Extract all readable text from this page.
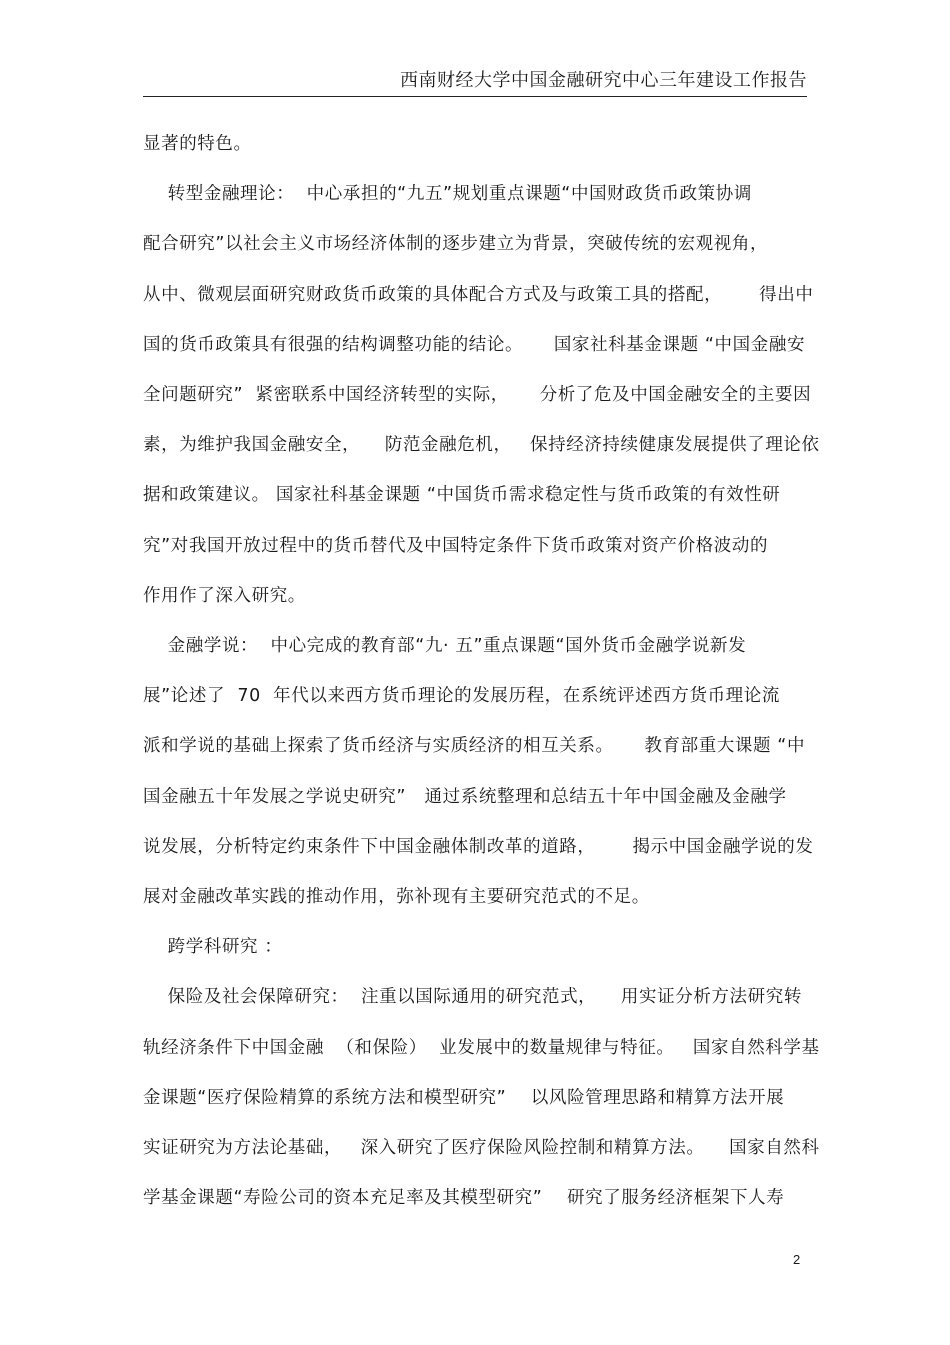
西南财经大学中国金融研究中心三年建设工作报告
显著的特色。
转型金融理论：  中心承担的“九五”规划重点课题“中国财政货币政策协调
配合研究”以社会主义市场经济体制的逐步建立为背景，突破传统的宏观视角，
从中、微观层面研究财政货币政策的具体配合方式及与政策工具的搭配，      得出中
国的货币政策具有很强的结构调整功能的结论。     国家社科基金课题 “中国金融安
全问题研究”  紧密联系中国经济转型的实际，     分析了危及中国金融安全的主要因
素，为维护我国金融安全，    防范金融危机，   保持经济持续健康发展提供了理论依
据和政策建议。 国家社科基金课题 “中国货币需求稳定性与货币政策的有效性研
究”对我国开放过程中的货币替代及中国特定条件下货币政策对资产价格波动的
作用作了深入研究。
金融学说：  中心完成的教育部“九· 五”重点课题“国外货币金融学说新发
展”论述了  70  年代以来西方货币理论的发展历程，在系统评述西方货币理论流
派和学说的基础上探索了货币经济与实质经济的相互关系。     教育部重大课题 “中
国金融五十年发展之学说史研究”   通过系统整理和总结五十年中国金融及金融学
说发展，分析特定约束条件下中国金融体制改革的道路，      揭示中国金融学说的发
展对金融改革实践的推动作用，弥补现有主要研究范式的不足。
跨学科研究 ：
保险及社会保障研究：  注重以国际通用的研究范式，    用实证分析方法研究转
轨经济条件下中国金融  （和保险）  业发展中的数量规律与特征。   国家自然科学基
金课题“医疗保险精算的系统方法和模型研究”    以风险管理思路和精算方法开展
实证研究为方法论基础，   深入研究了医疗保险风险控制和精算方法。    国家自然科
学基金课题“寿险公司的资本充足率及其模型研究”    研究了服务经济框架下人寿
2
